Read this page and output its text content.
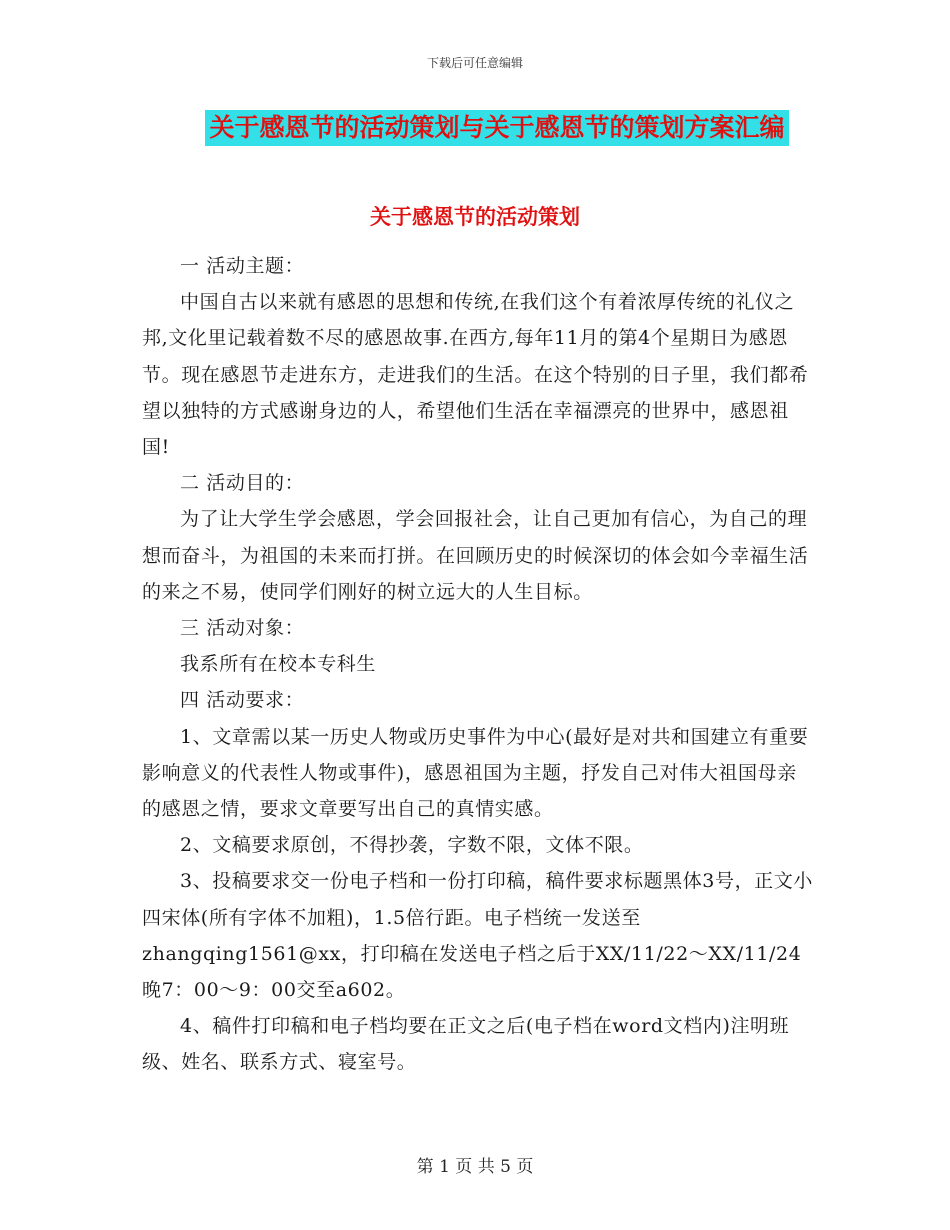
下载后可任意编辑
关于感恩节的活动策划与关于感恩节的策划方案汇编
关于感恩节的活动策划

一 活动主题：

中国自古以来就有感恩的思想和传统,在我们这个有着浓厚传统的礼仪之邦,文化里记载着数不尽的感恩故事.在西方,每年11月的第4个星期日为感恩节。现在感恩节走进东方，走进我们的生活。在这个特别的日子里，我们都希望以独特的方式感谢身边的人，希望他们生活在幸福漂亮的世界中，感恩祖国!

二 活动目的：

为了让大学生学会感恩，学会回报社会，让自己更加有信心，为自己的理想而奋斗，为祖国的未来而打拼。在回顾历史的时候深切的体会如今幸福生活的来之不易，使同学们刚好的树立远大的人生目标。

三 活动对象：

我系所有在校本专科生

四 活动要求：

1、文章需以某一历史人物或历史事件为中心(最好是对共和国建立有重要影响意义的代表性人物或事件)，感恩祖国为主题，抒发自己对伟大祖国母亲的感恩之情，要求文章要写出自己的真情实感。

2、文稿要求原创，不得抄袭，字数不限，文体不限。

3、投稿要求交一份电子档和一份打印稿，稿件要求标题黑体3号，正文小四宋体(所有字体不加粗)，1.5倍行距。电子档统一发送至zhangqing1561@xx，打印稿在发送电子档之后于XX/11/22～XX/11/24晚7：00～9：00交至a602。

4、稿件打印稿和电子档均要在正文之后(电子档在word文档内)注明班级、姓名、联系方式、寝室号。

第 1 页 共 5 页
